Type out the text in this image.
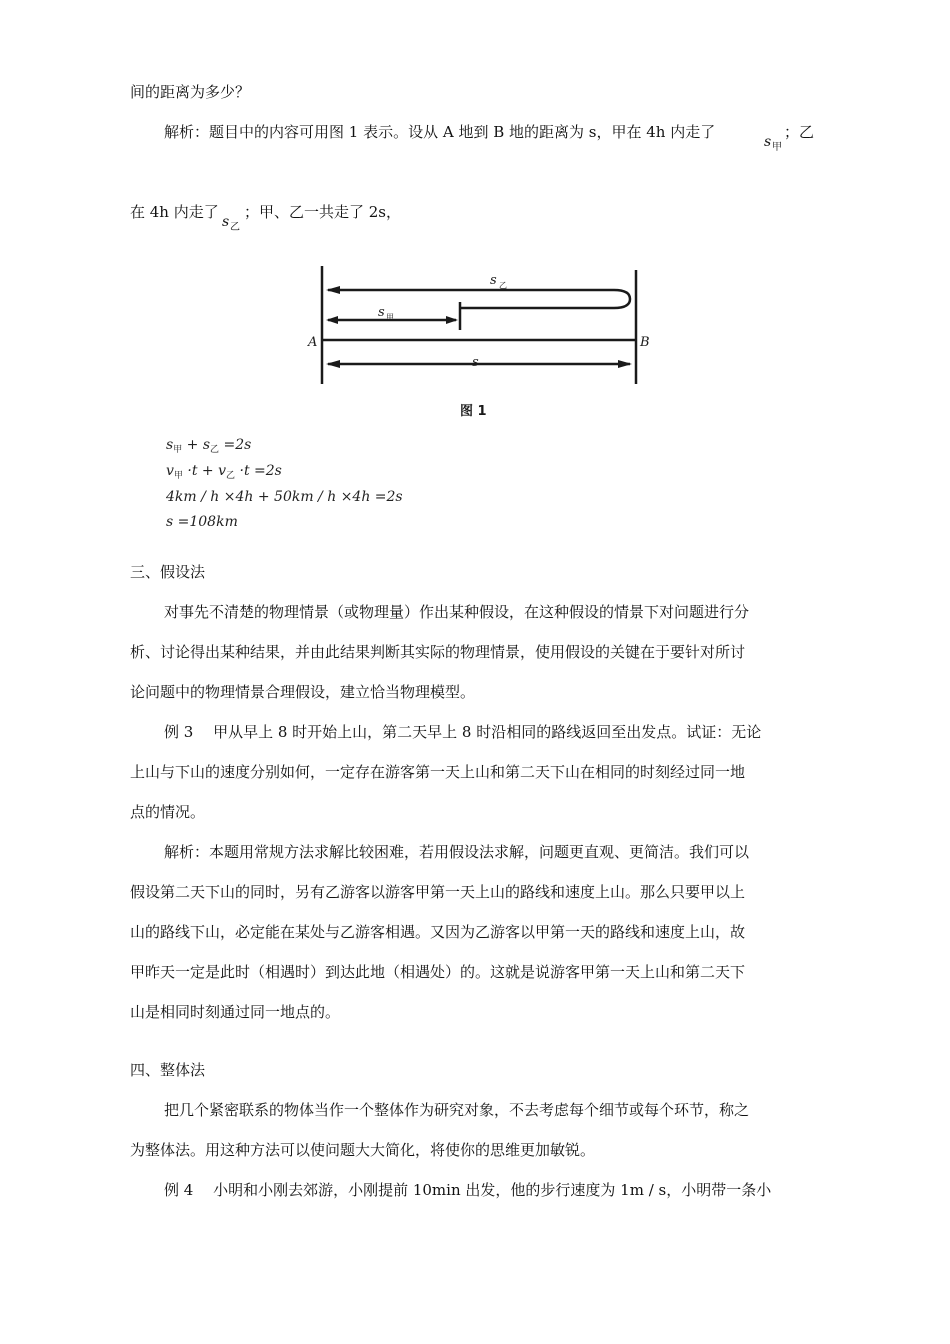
间的距离为多少？
解析：题目中的内容可用图 1 表示。设从 A 地到 B 地的距离为 s，甲在 4h 内走了
s 甲
；乙
在 4h 内走了
s 乙
；甲、乙一共走了 2s，
s 乙
s 甲
A	B
s
图 1
$s_甲 + s_乙 =2s$
$v_甲 \cdot t + v_乙 \cdot t =2s$
4km / h ×4h + 50km / h ×4h =2s
s =108km
三、假设法
对事先不清楚的物理情景（或物理量）作出某种假设，在这种假设的情景下对问题进行分
析、讨论得出某种结果，并由此结果判断其实际的物理情景，使用假设的关键在于要针对所讨
论问题中的物理情景合理假设，建立恰当物理模型。
例 3　 甲从早上 8 时开始上山，第二天早上 8 时沿相同的路线返回至出发点。试证：无论
上山与下山的速度分别如何，一定存在游客第一天上山和第二天下山在相同的时刻经过同一地
点的情况。
解析：本题用常规方法求解比较困难，若用假设法求解，问题更直观、更简洁。我们可以
假设第二天下山的同时，另有乙游客以游客甲第一天上山的路线和速度上山。那么只要甲以上
山的路线下山，必定能在某处与乙游客相遇。又因为乙游客以甲第一天的路线和速度上山，故
甲昨天一定是此时（相遇时）到达此地（相遇处）的。这就是说游客甲第一天上山和第二天下
山是相同时刻通过同一地点的。
四、整体法
把几个紧密联系的物体当作一个整体作为研究对象，不去考虑每个细节或每个环节，称之
为整体法。用这种方法可以使问题大大简化，将使你的思维更加敏锐。
例 4　 小明和小刚去郊游，小刚提前 10min 出发，他的步行速度为 1m / s，小明带一条小
